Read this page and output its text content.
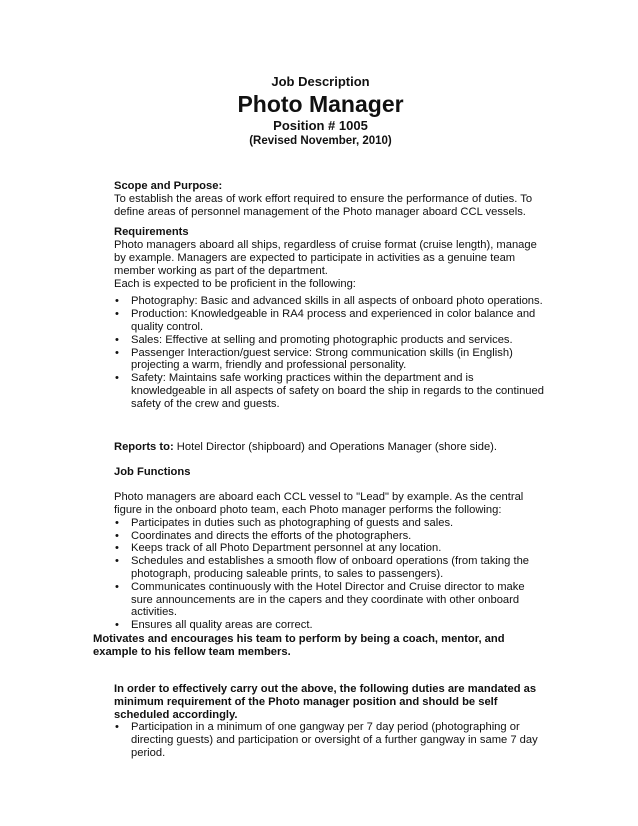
Job Description
Photo Manager
Position # 1005
(Revised November, 2010)

Scope and Purpose:

To establish the areas of work effort required to ensure the performance of duties. To define areas of personnel management of the Photo manager aboard CCL vessels.

Requirements

Photo managers aboard all ships, regardless of cruise format (cruise length), manage by example. Managers are expected to participate in activities as a genuine team member working as part of the department.

Each is expected to be proficient in the following:

• Photography: Basic and advanced skills in all aspects of onboard photo operations.
• Production: Knowledgeable in RA4 process and experienced in color balance and quality control.
• Sales: Effective at selling and promoting photographic products and services.
• Passenger Interaction/guest service: Strong communication skills (in English) projecting a warm, friendly and professional personality.
• Safety: Maintains safe working practices within the department and is knowledgeable in all aspects of safety on board the ship in regards to the continued safety of the crew and guests.

Reports to: Hotel Director (shipboard) and Operations Manager (shore side).

Job Functions

Photo managers are aboard each CCL vessel to "Lead" by example. As the central figure in the onboard photo team, each Photo manager performs the following:

• Participates in duties such as photographing of guests and sales.
• Coordinates and directs the efforts of the photographers.
• Keeps track of all Photo Department personnel at any location.
• Schedules and establishes a smooth flow of onboard operations (from taking the photograph, producing saleable prints, to sales to passengers).
• Communicates continuously with the Hotel Director and Cruise director to make sure announcements are in the capers and they coordinate with other onboard activities.
• Ensures all quality areas are correct.

Motivates and encourages his team to perform by being a coach, mentor, and example to his fellow team members.

In order to effectively carry out the above, the following duties are mandated as minimum requirement of the Photo manager position and should be self scheduled accordingly.

• Participation in a minimum of one gangway per 7 day period (photographing or directing guests) and participation or oversight of a further gangway in same 7 day period.
